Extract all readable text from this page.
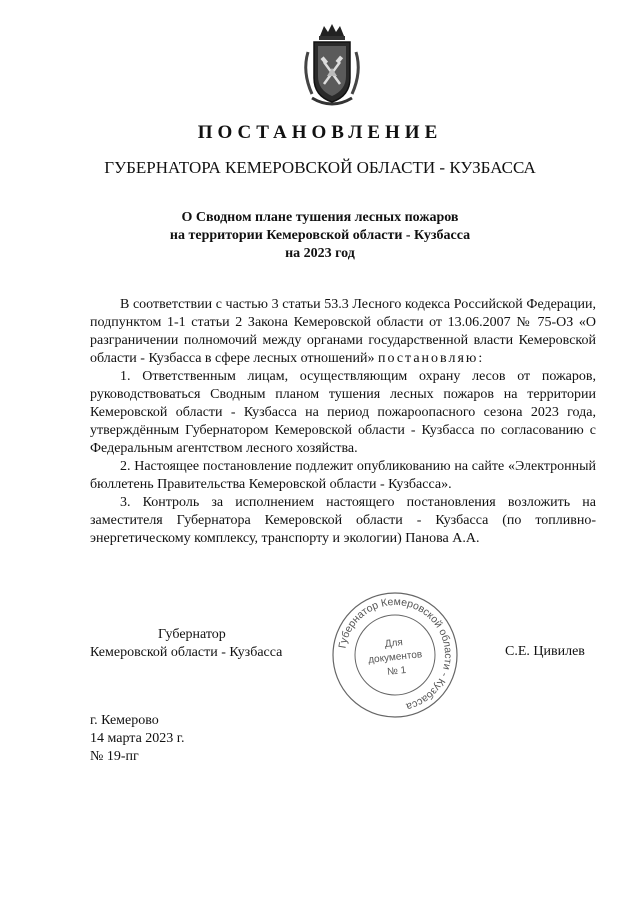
ПОСТАНОВЛЕНИЕ
ГУБЕРНАТОРА КЕМЕРОВСКОЙ ОБЛАСТИ - КУЗБАССА
О Сводном плане тушения лесных пожаров
на территории Кемеровской области - Кузбасса
на 2023 год

В соответствии с частью 3 статьи 53.3 Лесного кодекса Российской Федерации, подпунктом 1-1 статьи 2 Закона Кемеровской области от 13.06.2007 № 75-ОЗ «О разграничении полномочий между органами государственной власти Кемеровской области - Кузбасса в сфере лесных отношений» постановляю:

1. Ответственным лицам, осуществляющим охрану лесов от пожаров, руководствоваться Сводным планом тушения лесных пожаров на территории Кемеровской области - Кузбасса на период пожароопасного сезона 2023 года, утверждённым Губернатором Кемеровской области - Кузбасса по согласованию с Федеральным агентством лесного хозяйства.

2. Настоящее постановление подлежит опубликованию на сайте «Электронный бюллетень Правительства Кемеровской области - Кузбасса».

3. Контроль за исполнением настоящего постановления возложить на заместителя Губернатора Кемеровской области - Кузбасса (по топливно-энергетическому комплексу, транспорту и экологии) Панова А.А.

Губернатор Кемеровской области - Кузбасса
Для
документов
№ 1
Губернатор
Кемеровской области - Кузбасса	С.Е. Цивилев
г. Кемерово
14 марта 2023 г.
№ 19-пг
